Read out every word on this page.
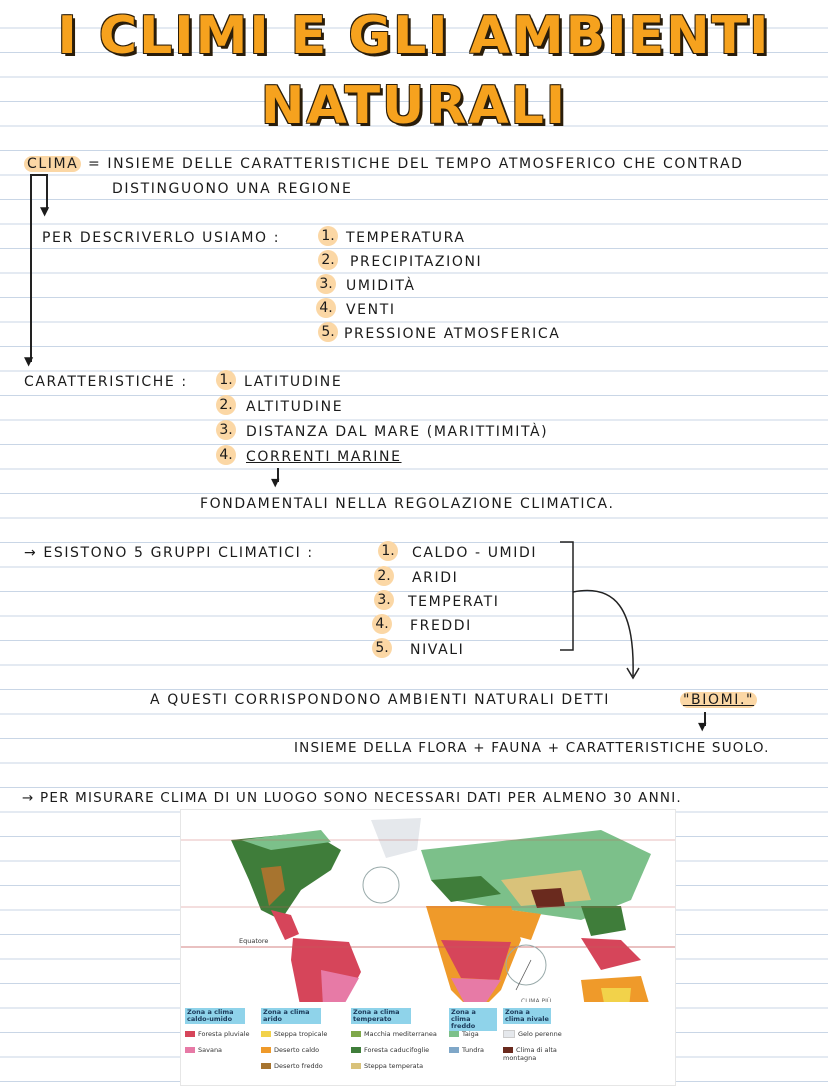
I CLIMI E GLI AMBIENTI
NATURALI
CLIMA = INSIEME DELLE CARATTERISTICHE DEL TEMPO ATMOSFERICO CHE CONTRAD
DISTINGUONO UNA REGIONE
▼
▼
PER DESCRIVERLO USIAMO :	1. TEMPERATURA
2. PRECIPITAZIONI
3. UMIDITÀ
4. VENTI
5. PRESSIONE ATMOSFERICA
CARATTERISTICHE : 1. LATITUDINE
2. ALTITUDINE
3. DISTANZA DAL MARE (MARITTIMITÀ)
4. CORRENTI MARINE
▼
FONDAMENTALI NELLA REGOLAZIONE CLIMATICA.
→ ESISTONO 5 GRUPPI CLIMATICI :	1. CALDO - UMIDI
2. ARIDI
3. TEMPERATI
4. FREDDI
5. NIVALI
A QUESTI CORRISPONDONO AMBIENTI NATURALI DETTI	"BIOMI."
▼
INSIEME DELLA FLORA + FAUNA + CARATTERISTICHE SUOLO.
→ PER MISURARE CLIMA DI UN LUOGO SONO NECESSARI DATI PER ALMENO 30 ANNI.
Equatore
Zona a clima caldo-umido
Foresta pluviale
Savana
Zona a clima arido
Steppa tropicale
Deserto caldo
Deserto freddo
Zona a clima temperato
Macchia mediterranea
Foresta caducifoglie
Steppa temperata
Zona a clima freddo
Taiga
Tundra
Zona a clima nivale
Gelo perenne
Clima di alta montagna
